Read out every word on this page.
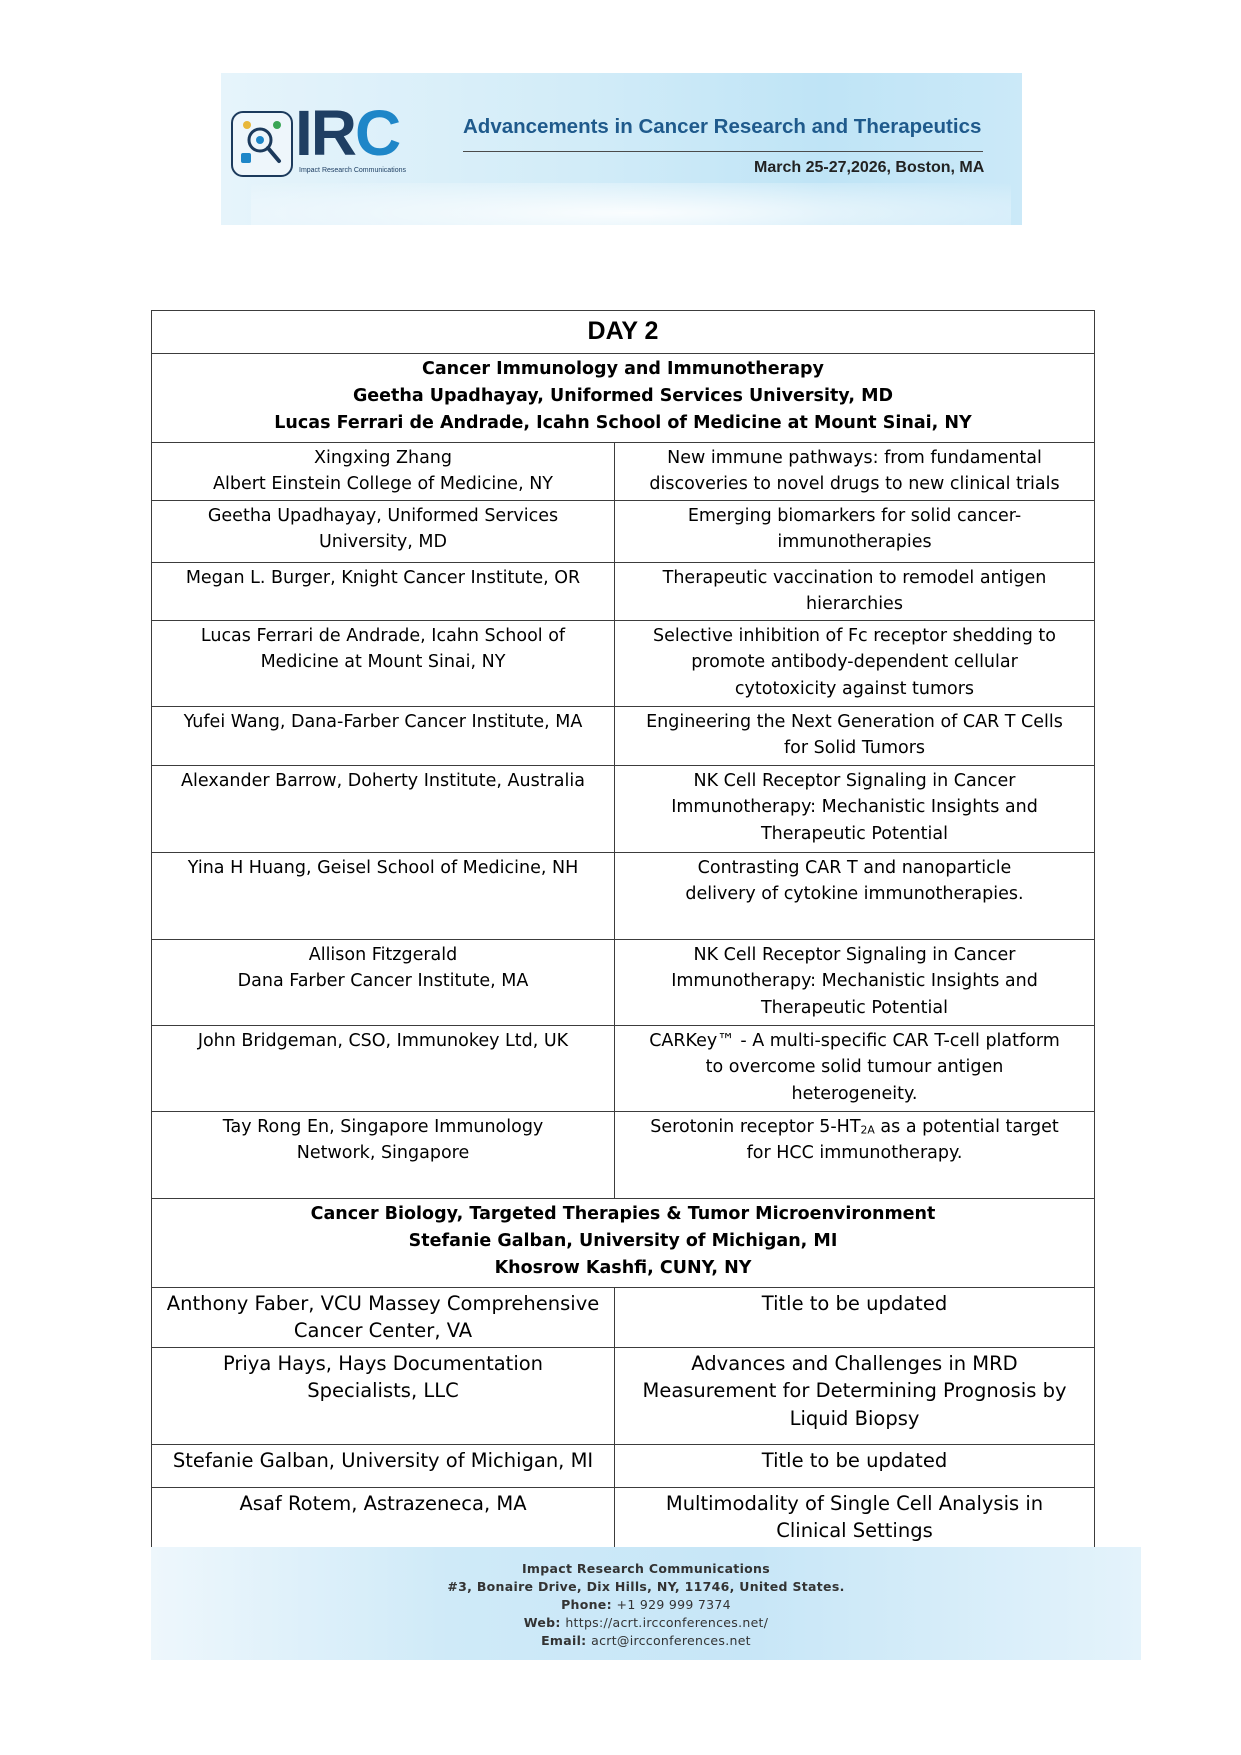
IRC
Impact Research Communications
Advancements in Cancer Research and Therapeutics
March 25-27,2026, Boston, MA
DAY 2	

Cancer Immunology and Immunotherapy
Geetha Upadhayay, Uniformed Services University, MD
Lucas Ferrari de Andrade, Icahn School of Medicine at Mount Sinai, NY	

Xingxing Zhang
Albert Einstein College of Medicine, NY	New immune pathways: from fundamental
discoveries to novel drugs to new clinical trials

Geetha Upadhayay, Uniformed Services
University, MD	Emerging biomarkers for solid cancer-
immunotherapies

Megan L. Burger, Knight Cancer Institute, OR	Therapeutic vaccination to remodel antigen
hierarchies

Lucas Ferrari de Andrade, Icahn School of
Medicine at Mount Sinai, NY	Selective inhibition of Fc receptor shedding to
promote antibody-dependent cellular
cytotoxicity against tumors

Yufei Wang, Dana-Farber Cancer Institute, MA	Engineering the Next Generation of CAR T Cells
for Solid Tumors

Alexander Barrow, Doherty Institute, Australia	NK Cell Receptor Signaling in Cancer
Immunotherapy: Mechanistic Insights and
Therapeutic Potential

Yina H Huang, Geisel School of Medicine, NH	Contrasting CAR T and nanoparticle
delivery of cytokine immunotherapies.

Allison Fitzgerald
Dana Farber Cancer Institute, MA	NK Cell Receptor Signaling in Cancer
Immunotherapy: Mechanistic Insights and
Therapeutic Potential

John Bridgeman, CSO, Immunokey Ltd, UK	CARKey™ - A multi-specific CAR T-cell platform
to overcome solid tumour antigen
heterogeneity.

Tay Rong En, Singapore Immunology
Network, Singapore	Serotonin receptor 5-HT2A as a potential target
for HCC immunotherapy.

Cancer Biology, Targeted Therapies & Tumor Microenvironment
Stefanie Galban, University of Michigan, MI
Khosrow Kashfi, CUNY, NY	

Anthony Faber, VCU Massey Comprehensive
Cancer Center, VA	Title to be updated

Priya Hays, Hays Documentation
Specialists, LLC	Advances and Challenges in MRD
Measurement for Determining Prognosis by
Liquid Biopsy

Stefanie Galban, University of Michigan, MI	Title to be updated

Asaf Rotem, Astrazeneca, MA	Multimodality of Single Cell Analysis in
Clinical Settings
Impact Research Communications
#3, Bonaire Drive, Dix Hills, NY, 11746, United States.
Phone: +1 929 999 7374
Web: https://acrt.ircconferences.net/
Email: acrt@ircconferences.net
